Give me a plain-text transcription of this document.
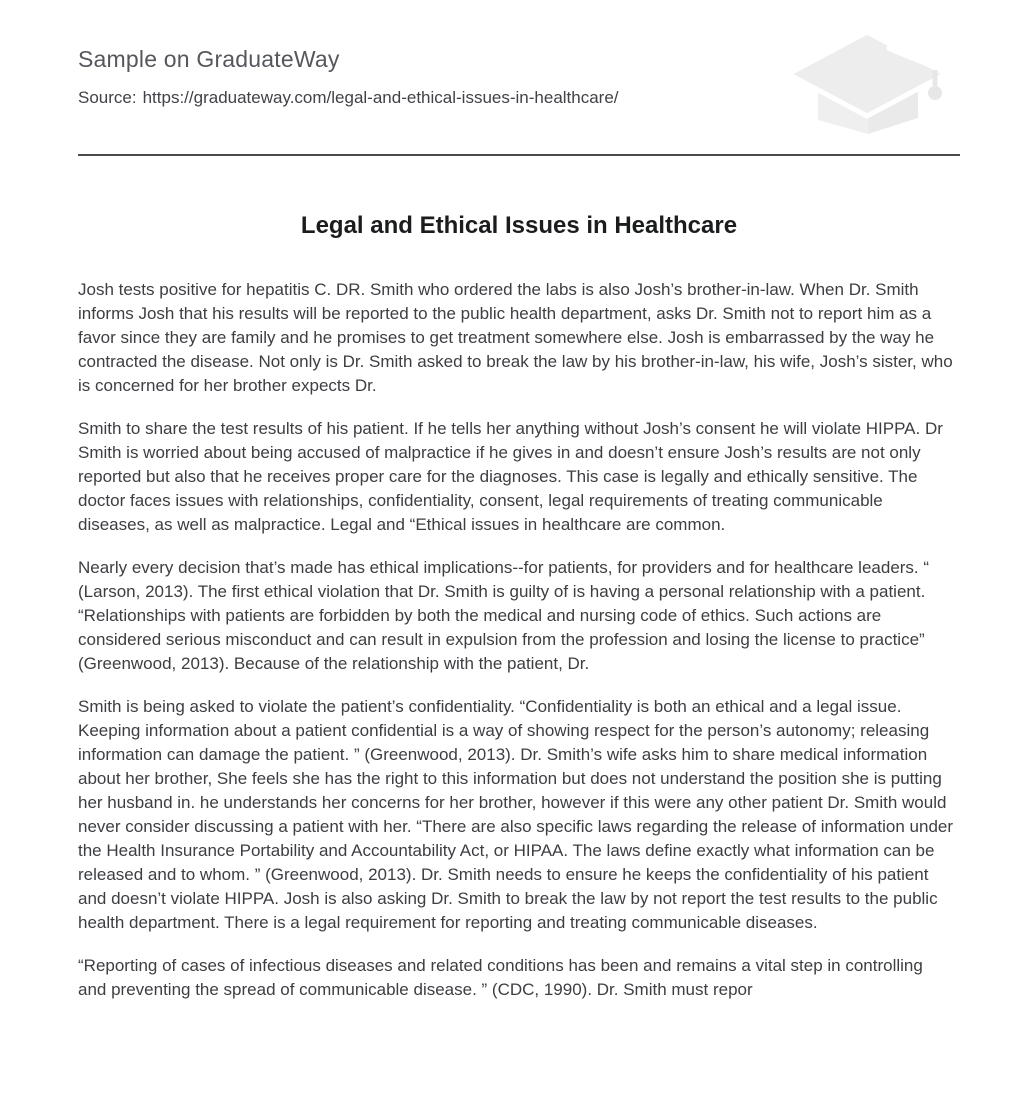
Sample on GraduateWay
Source: https://graduateway.com/legal-and-ethical-issues-in-healthcare/
Legal and Ethical Issues in Healthcare

Josh tests positive for hepatitis C. DR. Smith who ordered the labs is also Josh’s brother-in-law. When Dr. Smith informs Josh that his results will be reported to the public health department, asks Dr. Smith not to report him as a favor since they are family and he promises to get treatment somewhere else. Josh is embarrassed by the way he contracted the disease. Not only is Dr. Smith asked to break the law by his brother-in-law, his wife, Josh’s sister, who is concerned for her brother expects Dr.

Smith to share the test results of his patient. If he tells her anything without Josh’s consent he will violate HIPPA. Dr Smith is worried about being accused of malpractice if he gives in and doesn’t ensure Josh’s results are not only reported but also that he receives proper care for the diagnoses. This case is legally and ethically sensitive. The doctor faces issues with relationships, confidentiality, consent, legal requirements of treating communicable diseases, as well as malpractice. Legal and “Ethical issues in healthcare are common.

Nearly every decision that’s made has ethical implications--for patients, for providers and for healthcare leaders. “ (Larson, 2013). The first ethical violation that Dr. Smith is guilty of is having a personal relationship with a patient. “Relationships with patients are forbidden by both the medical and nursing code of ethics. Such actions are considered serious misconduct and can result in expulsion from the profession and losing the license to practice” (Greenwood, 2013). Because of the relationship with the patient, Dr.

Smith is being asked to violate the patient’s confidentiality. “Confidentiality is both an ethical and a legal issue. Keeping information about a patient confidential is a way of showing respect for the person’s autonomy; releasing information can damage the patient. ” (Greenwood, 2013). Dr. Smith’s wife asks him to share medical information about her brother, She feels she has the right to this information but does not understand the position she is putting her husband in. he understands her concerns for her brother, however if this were any other patient Dr. Smith would never consider discussing a patient with her. “There are also specific laws regarding the release of information under the Health Insurance Portability and Accountability Act, or HIPAA. The laws define exactly what information can be released and to whom. ” (Greenwood, 2013). Dr. Smith needs to ensure he keeps the confidentiality of his patient and doesn’t violate HIPPA. Josh is also asking Dr. Smith to break the law by not report the test results to the public health department. There is a legal requirement for reporting and treating communicable diseases.

“Reporting of cases of infectious diseases and related conditions has been and remains a vital step in controlling and preventing the spread of communicable disease. ” (CDC, 1990). Dr. Smith must repor
